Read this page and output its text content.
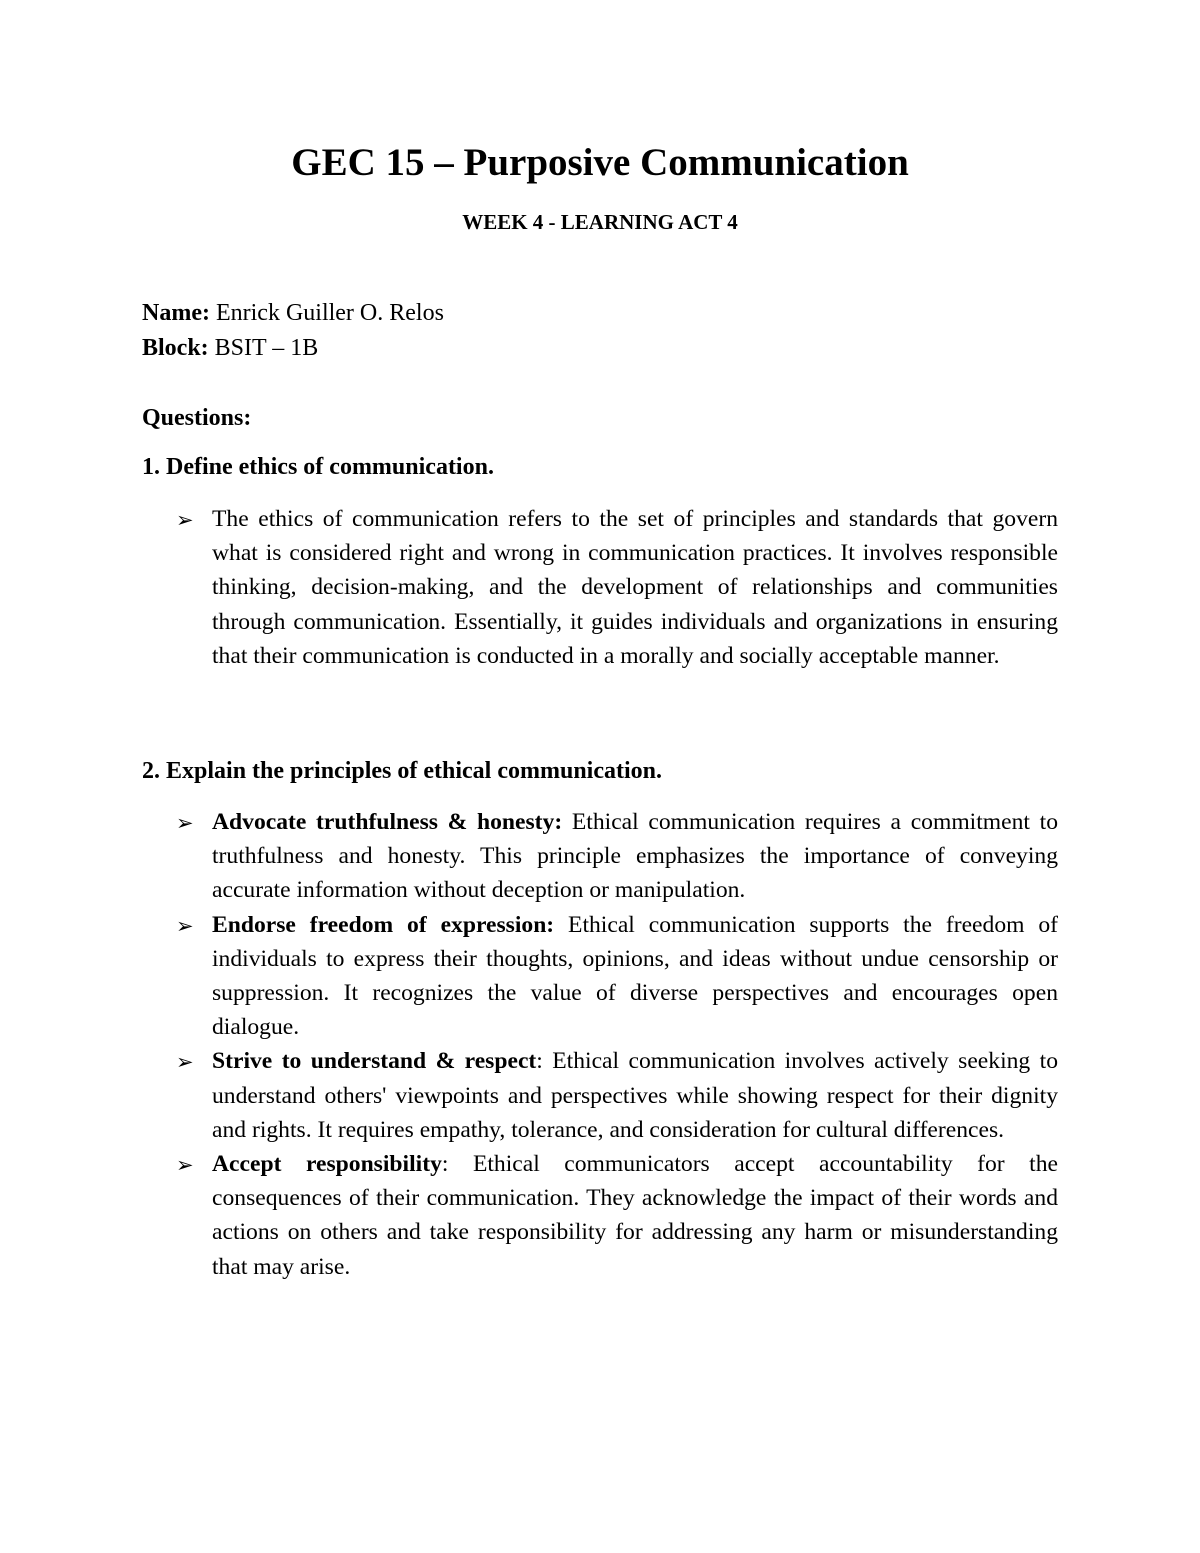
GEC 15 – Purposive Communication
WEEK 4 - LEARNING ACT 4
Name: Enrick Guiller O. Relos
Block: BSIT – 1B
Questions:
1. Define ethics of communication.
➢ The ethics of communication refers to the set of principles and standards that govern what is considered right and wrong in communication practices. It involves responsible thinking, decision-making, and the development of relationships and communities through communication. Essentially, it guides individuals and organizations in ensuring that their communication is conducted in a morally and socially acceptable manner.
2. Explain the principles of ethical communication.
➢ Advocate truthfulness & honesty: Ethical communication requires a commitment to truthfulness and honesty. This principle emphasizes the importance of conveying accurate information without deception or manipulation.
➢ Endorse freedom of expression: Ethical communication supports the freedom of individuals to express their thoughts, opinions, and ideas without undue censorship or suppression. It recognizes the value of diverse perspectives and encourages open dialogue.
➢ Strive to understand & respect: Ethical communication involves actively seeking to understand others' viewpoints and perspectives while showing respect for their dignity and rights. It requires empathy, tolerance, and consideration for cultural differences.
➢ Accept responsibility: Ethical communicators accept accountability for the consequences of their communication. They acknowledge the impact of their words and actions on others and take responsibility for addressing any harm or misunderstanding that may arise.
